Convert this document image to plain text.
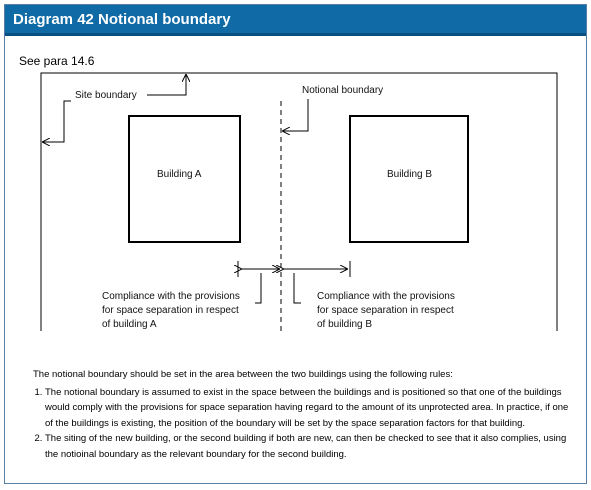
Diagram 42 Notional boundary
See para 14.6
Site boundary	Notional boundary
Building A	Building B
Compliance with the provisions
for space separation in respect
of building A
Compliance with the provisions
for space separation in respect
of building B
The notional boundary should be set in the area between the two buildings using the following rules:
1. The notional boundary is assumed to exist in the space between the buildings and is positioned so that one of the buildings would comply with the provisions for space separation having regard to the amount of its unprotected area. In practice, if one of the buildings is existing, the position of the boundary will be set by the space separation factors for that building.
2. The siting of the new building, or the second building if both are new, can then be checked to see that it also complies, using the notioinal boundary as the relevant boundary for the second building.
